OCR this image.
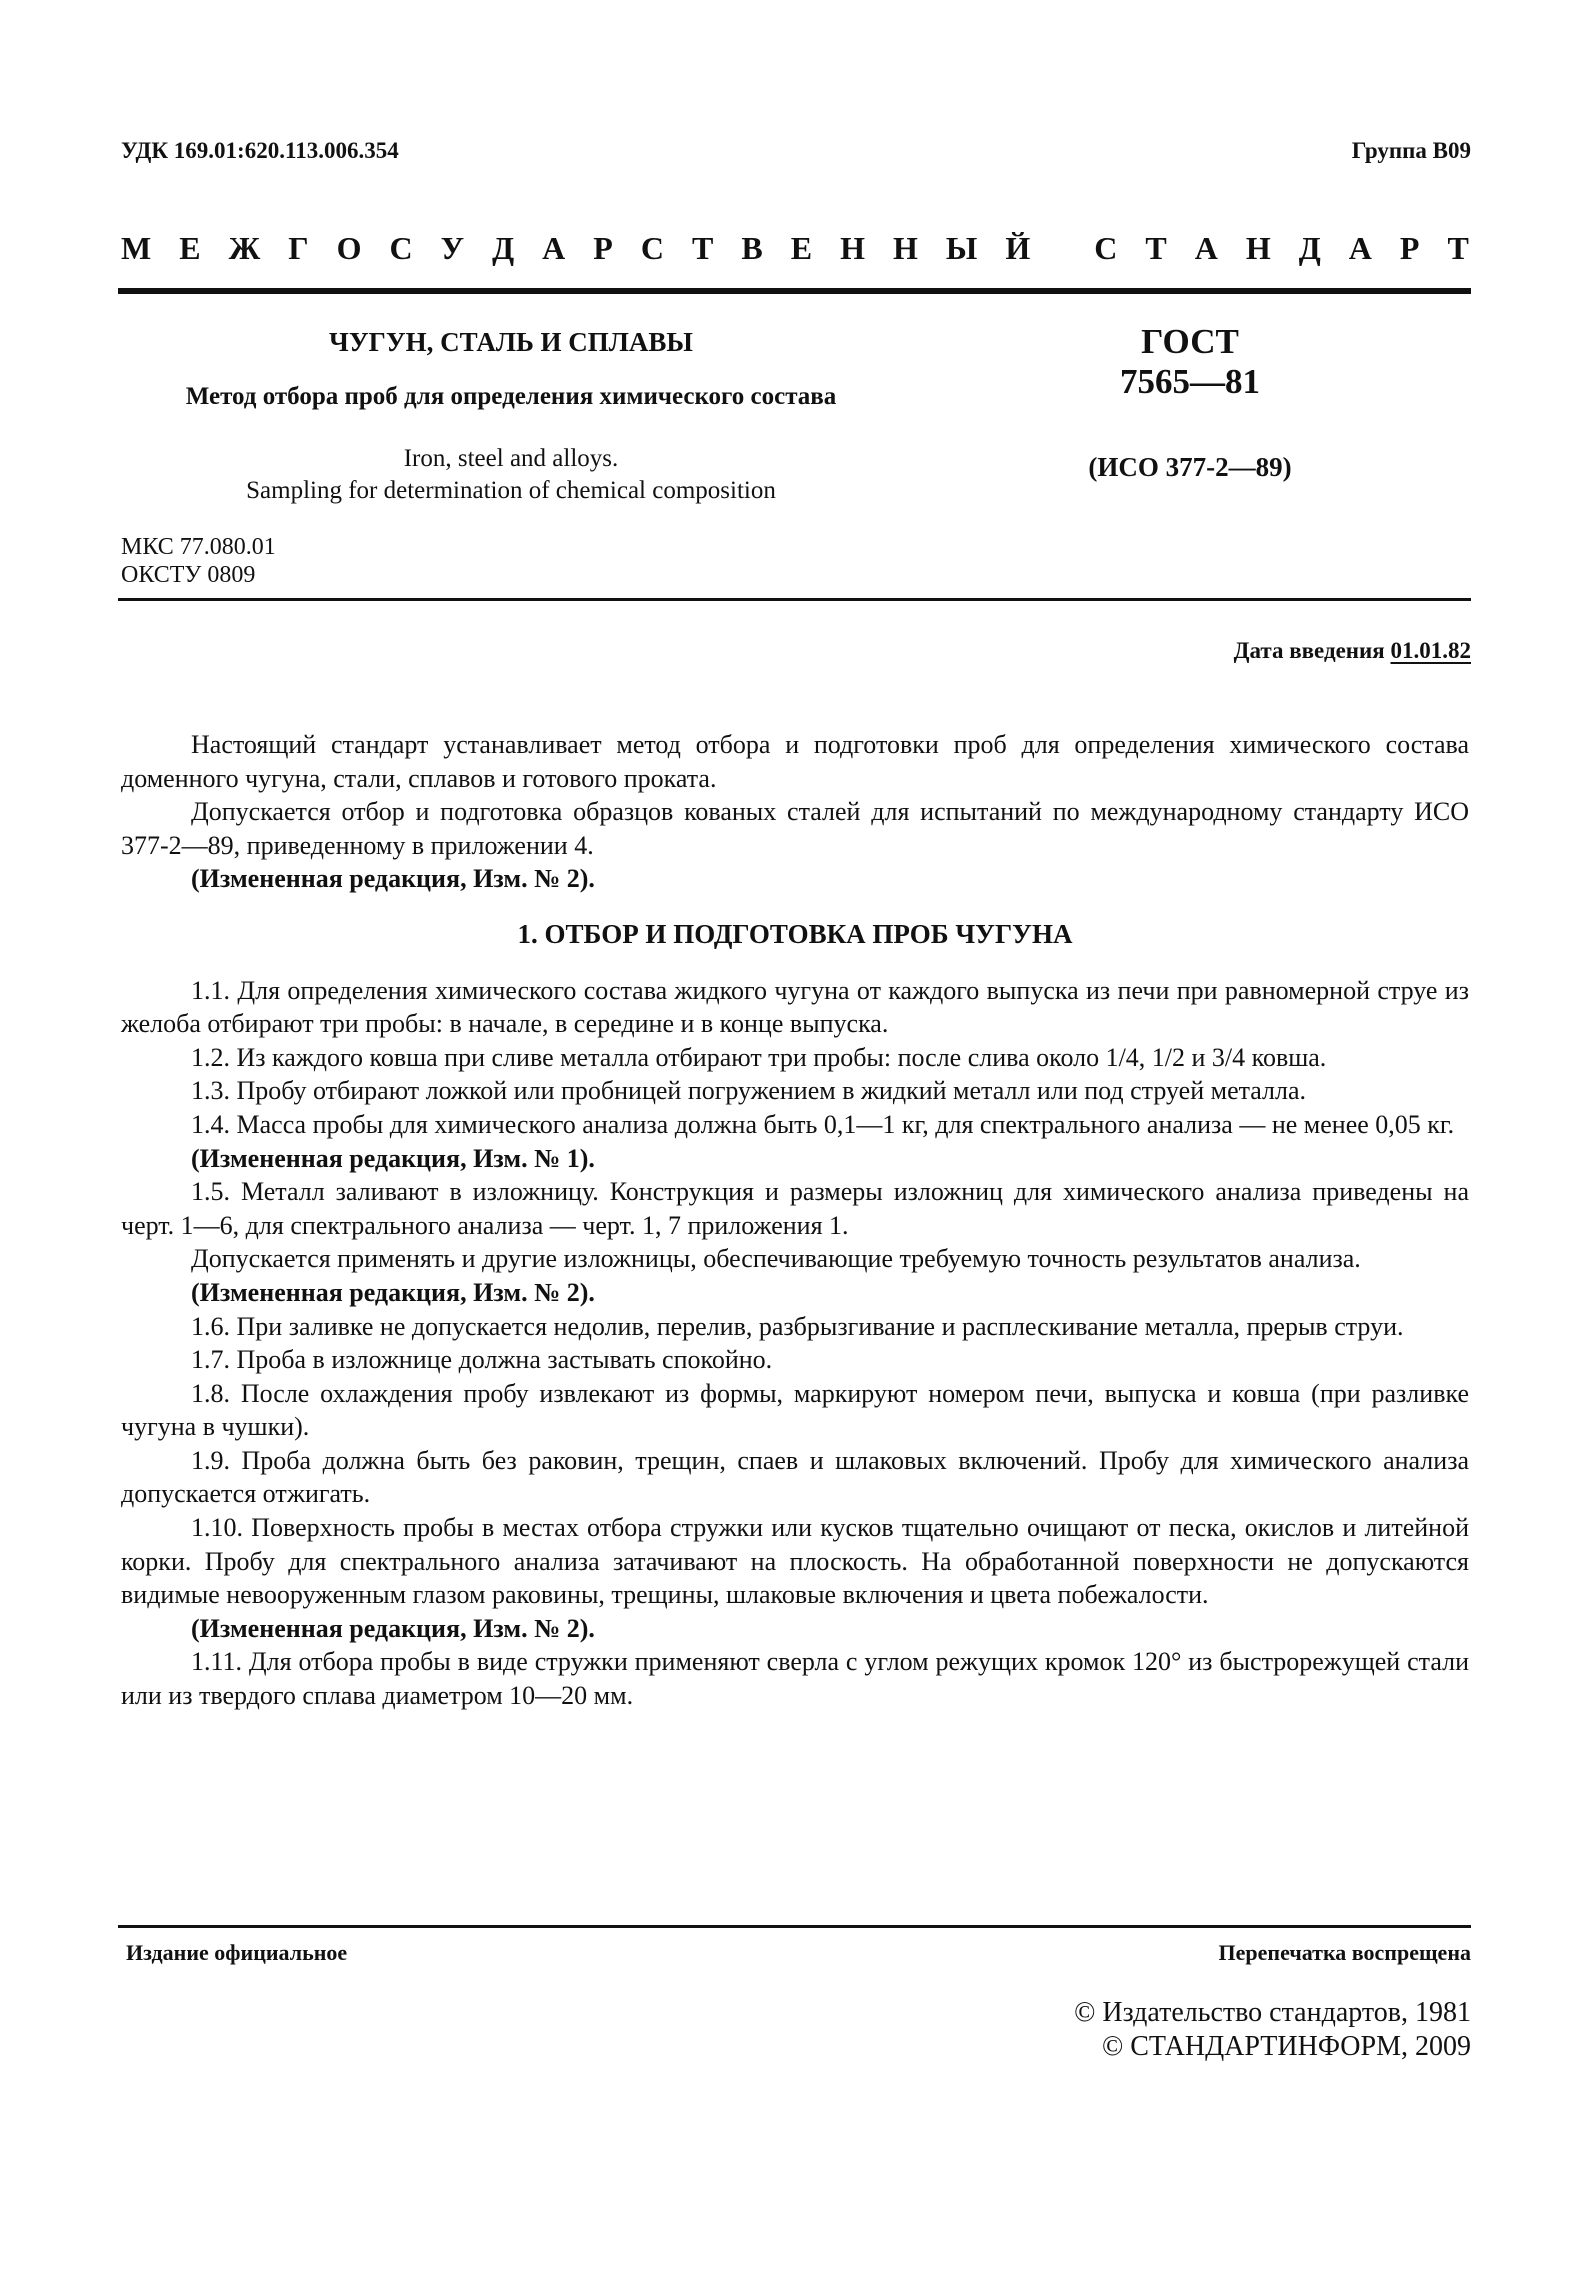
УДК 169.01:620.113.006.354	Группа В09
М Е Ж Г О С У Д А Р С Т В Е Н Н Ы Й
С Т А Н Д А Р Т
ЧУГУН, СТАЛЬ И СПЛАВЫ
Метод отбора проб для определения химического состава
Iron, steel and alloys.
Sampling for determination of chemical composition
ГОСТ
7565—81
(ИСО 377-2—89)
МКС 77.080.01
ОКСТУ 0809
Дата введения 01.01.82

Настоящий стандарт устанавливает метод отбора и подготовки проб для определения химического состава доменного чугуна, стали, сплавов и готового проката.

Допускается отбор и подготовка образцов кованых сталей для испытаний по международному стандарту ИСО 377-2—89, приведенному в приложении 4.

(Измененная редакция, Изм. № 2).

1. ОТБОР И ПОДГОТОВКА ПРОБ ЧУГУНА

1.1. Для определения химического состава жидкого чугуна от каждого выпуска из печи при равномерной струе из желоба отбирают три пробы: в начале, в середине и в конце выпуска.

1.2. Из каждого ковша при сливе металла отбирают три пробы: после слива около 1/4, 1/2 и 3/4 ковша.

1.3. Пробу отбирают ложкой или пробницей погружением в жидкий металл или под струей металла.

1.4. Масса пробы для химического анализа должна быть 0,1—1 кг, для спектрального анализа — не менее 0,05 кг.

(Измененная редакция, Изм. № 1).

1.5. Металл заливают в изложницу. Конструкция и размеры изложниц для химического анализа приведены на черт. 1—6, для спектрального анализа — черт. 1, 7 приложения 1.

Допускается применять и другие изложницы, обеспечивающие требуемую точность результатов анализа.

(Измененная редакция, Изм. № 2).

1.6. При заливке не допускается недолив, перелив, разбрызгивание и расплескивание металла, прерыв струи.

1.7. Проба в изложнице должна застывать спокойно.

1.8. После охлаждения пробу извлекают из формы, маркируют номером печи, выпуска и ковша (при разливке чугуна в чушки).

1.9. Проба должна быть без раковин, трещин, спаев и шлаковых включений. Пробу для химического анализа допускается отжигать.

1.10. Поверхность пробы в местах отбора стружки или кусков тщательно очищают от песка, окислов и литейной корки. Пробу для спектрального анализа затачивают на плоскость. На обработанной поверхности не допускаются видимые невооруженным глазом раковины, трещины, шлаковые включения и цвета побежалости.

(Измененная редакция, Изм. № 2).

1.11. Для отбора пробы в виде стружки применяют сверла с углом режущих кромок 120° из быстрорежущей стали или из твердого сплава диаметром 10—20 мм.

Издание официальное	Перепечатка воспрещена
© Издательство стандартов, 1981
© СТАНДАРТИНФОРМ, 2009
